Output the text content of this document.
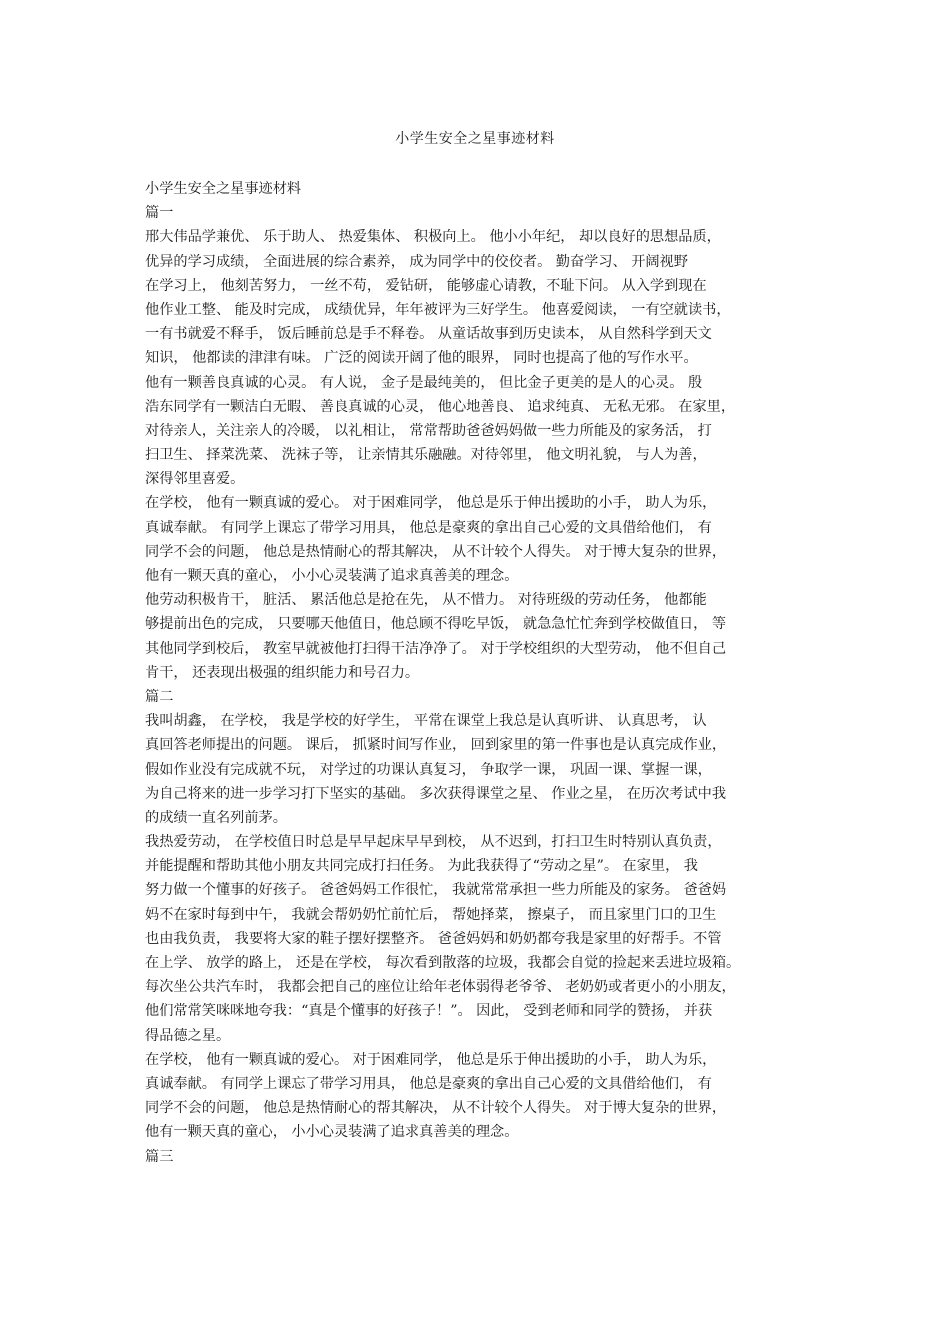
小学生安全之星事迹材料
小学生安全之星事迹材料
篇一
邢大伟品学兼优、 乐于助人、 热爱集体、 积极向上。 他小小年纪， 却以良好的思想品质，
优异的学习成绩， 全面进展的综合素养， 成为同学中的佼佼者。 勤奋学习、 开阔视野
在学习上， 他刻苦努力， 一丝不苟， 爱钻研， 能够虚心请教，不耻下问。 从入学到现在
他作业工整、 能及时完成， 成绩优异，年年被评为三好学生。 他喜爱阅读， 一有空就读书，
一有书就爱不释手， 饭后睡前总是手不释卷。 从童话故事到历史读本， 从自然科学到天文
知识， 他都读的津津有味。 广泛的阅读开阔了他的眼界， 同时也提高了他的写作水平。
他有一颗善良真诚的心灵。 有人说， 金子是最纯美的， 但比金子更美的是人的心灵。 殷
浩东同学有一颗洁白无暇、 善良真诚的心灵， 他心地善良、 追求纯真、 无私无邪。 在家里，
对待亲人，关注亲人的冷暖， 以礼相让， 常常帮助爸爸妈妈做一些力所能及的家务活， 打
扫卫生、 择菜洗菜、 洗袜子等， 让亲情其乐融融。对待邻里， 他文明礼貌， 与人为善，
深得邻里喜爱。
在学校， 他有一颗真诚的爱心。 对于困难同学， 他总是乐于伸出援助的小手， 助人为乐，
真诚奉献。 有同学上课忘了带学习用具， 他总是豪爽的拿出自己心爱的文具借给他们， 有
同学不会的问题， 他总是热情耐心的帮其解决， 从不计较个人得失。 对于博大复杂的世界，
他有一颗天真的童心， 小小心灵装满了追求真善美的理念。
他劳动积极肯干， 脏活、 累活他总是抢在先， 从不惜力。 对待班级的劳动任务， 他都能
够提前出色的完成， 只要哪天他值日，他总顾不得吃早饭， 就急急忙忙奔到学校做值日， 等
其他同学到校后， 教室早就被他打扫得干洁净净了。 对于学校组织的大型劳动， 他不但自己
肯干， 还表现出极强的组织能力和号召力。
篇二
我叫胡鑫， 在学校， 我是学校的好学生， 平常在课堂上我总是认真听讲、 认真思考， 认
真回答老师提出的问题。 课后， 抓紧时间写作业， 回到家里的第一件事也是认真完成作业，
假如作业没有完成就不玩， 对学过的功课认真复习， 争取学一课， 巩固一课、掌握一课，
为自己将来的进一步学习打下坚实的基础。 多次获得课堂之星、 作业之星， 在历次考试中我
的成绩一直名列前茅。
我热爱劳动， 在学校值日时总是早早起床早早到校， 从不迟到，打扫卫生时特别认真负责，
并能提醒和帮助其他小朋友共同完成打扫任务。 为此我获得了“劳动之星”。 在家里， 我
努力做一个懂事的好孩子。 爸爸妈妈工作很忙， 我就常常承担一些力所能及的家务。 爸爸妈
妈不在家时每到中午， 我就会帮奶奶忙前忙后， 帮她择菜， 擦桌子， 而且家里门口的卫生
也由我负责， 我要将大家的鞋子摆好摆整齐。 爸爸妈妈和奶奶都夸我是家里的好帮手。不管
在上学、 放学的路上， 还是在学校， 每次看到散落的垃圾，我都会自觉的捡起来丢进垃圾箱。
每次坐公共汽车时， 我都会把自己的座位让给年老体弱得老爷爷、 老奶奶或者更小的小朋友，
他们常常笑咪咪地夸我：“真是个懂事的好孩子！”。 因此， 受到老师和同学的赞扬， 并获
得品德之星。
在学校， 他有一颗真诚的爱心。 对于困难同学， 他总是乐于伸出援助的小手， 助人为乐，
真诚奉献。 有同学上课忘了带学习用具， 他总是豪爽的拿出自己心爱的文具借给他们， 有
同学不会的问题， 他总是热情耐心的帮其解决， 从不计较个人得失。 对于博大复杂的世界，
他有一颗天真的童心， 小小心灵装满了追求真善美的理念。
篇三
